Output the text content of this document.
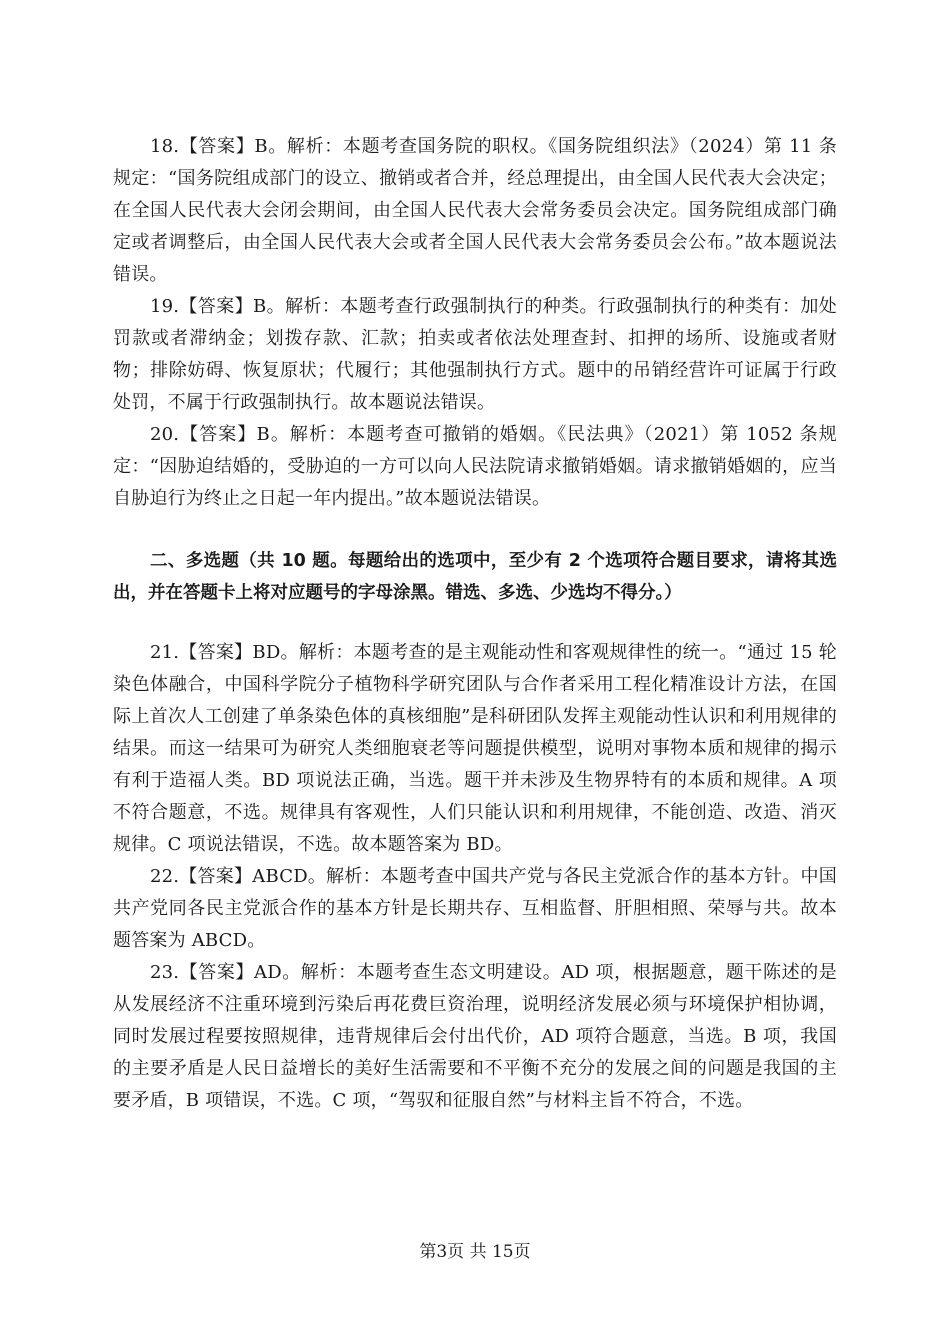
18.【答案】B。解析：本题考查国务院的职权。《国务院组织法》（2024）第 11 条规定：“国务院组成部门的设立、撤销或者合并，经总理提出，由全国人民代表大会决定；在全国人民代表大会闭会期间，由全国人民代表大会常务委员会决定。国务院组成部门确定或者调整后，由全国人民代表大会或者全国人民代表大会常务委员会公布。”故本题说法错误。

19.【答案】B。解析：本题考查行政强制执行的种类。行政强制执行的种类有：加处罚款或者滞纳金；划拨存款、汇款；拍卖或者依法处理查封、扣押的场所、设施或者财物；排除妨碍、恢复原状；代履行；其他强制执行方式。题中的吊销经营许可证属于行政处罚，不属于行政强制执行。故本题说法错误。

20.【答案】B。解析：本题考查可撤销的婚姻。《民法典》（2021）第 1052 条规定：“因胁迫结婚的，受胁迫的一方可以向人民法院请求撤销婚姻。请求撤销婚姻的，应当自胁迫行为终止之日起一年内提出。”故本题说法错误。

二、多选题（共 10 题。每题给出的选项中，至少有 2 个选项符合题目要求，请将其选出，并在答题卡上将对应题号的字母涂黑。错选、多选、少选均不得分。）

21.【答案】BD。解析：本题考查的是主观能动性和客观规律性的统一。“通过 15 轮染色体融合，中国科学院分子植物科学研究团队与合作者采用工程化精准设计方法，在国际上首次人工创建了单条染色体的真核细胞”是科研团队发挥主观能动性认识和利用规律的结果。而这一结果可为研究人类细胞衰老等问题提供模型，说明对事物本质和规律的揭示有利于造福人类。BD 项说法正确，当选。题干并未涉及生物界特有的本质和规律。A 项不符合题意，不选。规律具有客观性，人们只能认识和利用规律，不能创造、改造、消灭规律。C 项说法错误，不选。故本题答案为 BD。

22.【答案】ABCD。解析：本题考查中国共产党与各民主党派合作的基本方针。中国共产党同各民主党派合作的基本方针是长期共存、互相监督、肝胆相照、荣辱与共。故本题答案为 ABCD。

23.【答案】AD。解析：本题考查生态文明建设。AD 项，根据题意，题干陈述的是从发展经济不注重环境到污染后再花费巨资治理，说明经济发展必须与环境保护相协调，同时发展过程要按照规律，违背规律后会付出代价，AD 项符合题意，当选。B 项，我国的主要矛盾是人民日益增长的美好生活需要和不平衡不充分的发展之间的问题是我国的主要矛盾，B 项错误，不选。C 项，“驾驭和征服自然”与材料主旨不符合，不选。

第3页 共 15页
